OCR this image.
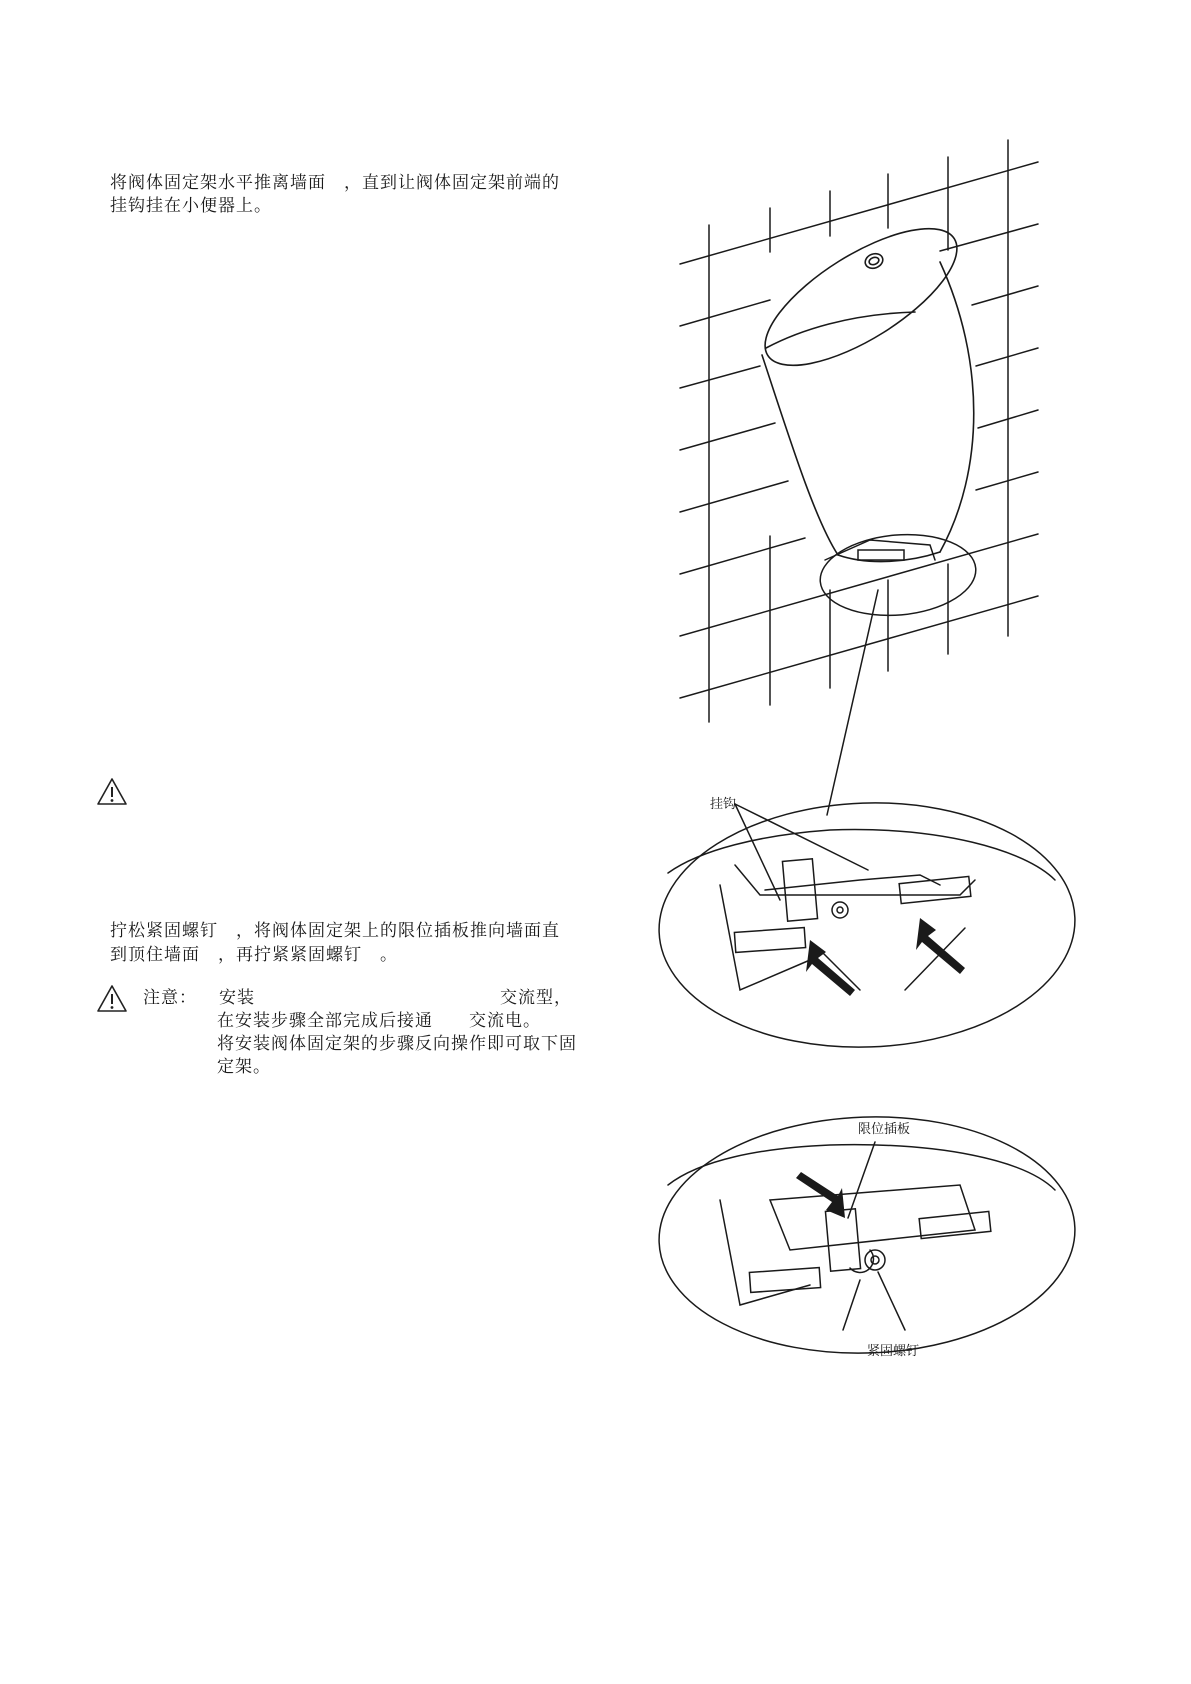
将阀体固定架水平推离墙面　，直到让阀体固定架前端的
挂钩挂在小便器上。
拧松紧固螺钉　，将阀体固定架上的限位插板推向墙面直
到顶住墙面　，再拧紧紧固螺钉　。
注意： 安装	交流型，
在安装步骤全部完成后接通　　交流电。
将安装阀体固定架的步骤反向操作即可取下固
定架。
挂钩
限位插板
紧固螺钉
